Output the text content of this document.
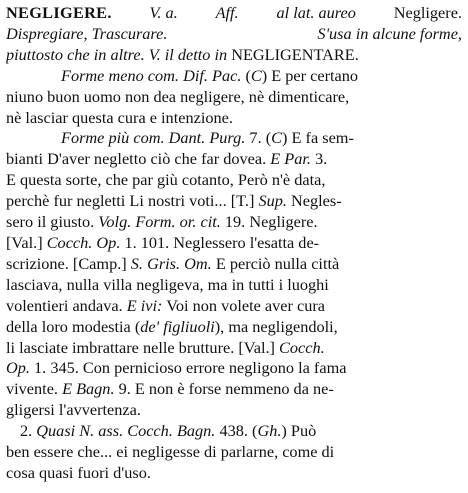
NEGLIGERE. V. a. Aff. al lat. aureo Negligere.
Dispregiare, Trascurare.	S'usa in alcune forme,
piuttosto che in altre. V. il detto in NEGLIGENTARE.
Forme meno com. Dif. Pac. (C) E per certano
niuno buon uomo non dea negligere, nè dimenticare,
nè lasciar questa cura e intenzione.
Forme più com. Dant. Purg. 7. (C) E fa sem-
bianti D'aver negletto ciò che far dovea. E Par. 3.
E questa sorte, che par giù cotanto, Però n'è data,
perchè fur negletti Li nostri voti... [T.] Sup. Negles-
sero il giusto. Volg. Form. or. cit. 19. Negligere.
[Val.] Cocch. Op. 1. 101. Neglessero l'esatta de-
scrizione. [Camp.] S. Gris. Om. E perciò nulla città
lasciava, nulla villa negligeva, ma in tutti i luoghi
volentieri andava. E ivi: Voi non volete aver cura
della loro modestia (de' figliuoli), ma negligendoli,
li lasciate imbrattare nelle brutture. [Val.] Cocch.
Op. 1. 345. Con pernicioso errore negligono la fama
vivente. E Bagn. 9. E non è forse nemmeno da ne-
gligersi l'avvertenza.
2. Quasi N. ass. Cocch. Bagn. 438. (Gh.) Può
ben essere che... ei negligesse di parlarne, come di
cosa quasi fuori d'uso.
